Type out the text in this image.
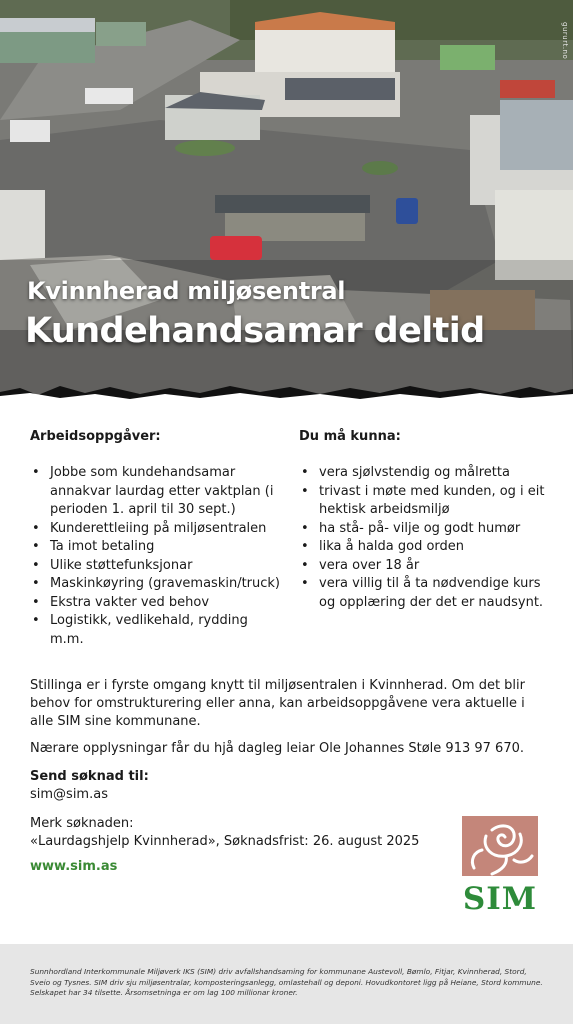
gururt.no
Kvinnherad miljøsentral
Kundehandsamar deltid
Arbeidsoppgåver:
• Jobbe som kundehandsamar annakvar laurdag etter vaktplan (i perioden 1. april til 30 sept.)
• Kunderettleiing på miljøsentralen
• Ta imot betaling
• Ulike støttefunksjonar
• Maskinkøyring (gravemaskin/truck)
• Ekstra vakter ved behov
• Logistikk, vedlikehald, rydding m.m.
Du må kunna:
• vera sjølvstendig og målretta
• trivast i møte med kunden, og i eit hektisk arbeidsmiljø
• ha stå- på- vilje og godt humør
• lika å halda god orden
• vera over 18 år
• vera villig til å ta nødvendige kurs og opplæring der det er naudsynt.

Stillinga er i fyrste omgang knytt til miljøsentralen i Kvinnherad. Om det blir behov for omstrukturering eller anna, kan arbeidsoppgåvene vera aktuelle i alle SIM sine kommunane.

Nærare opplysningar får du hjå dagleg leiar Ole Johannes Støle 913 97 670.

Send søknad til:
sim@sim.as
Merk søknaden:
«Laurdagshjelp Kvinnherad», Søknadsfrist: 26. august 2025
www.sim.as
SIM

Sunnhordland Interkommunale Miljøverk IKS (SIM) driv avfallshandsaming for kommunane Austevoll, Bømlo, Fitjar, Kvinnherad, Stord, Sveio og Tysnes. SIM driv sju miljøsentralar, komposteringsanlegg, omlastehall og deponi. Hovudkontoret ligg på Heiane, Stord kommune. Selskapet har 34 tilsette. Årsomsetninga er om lag 100 millionar kroner.
